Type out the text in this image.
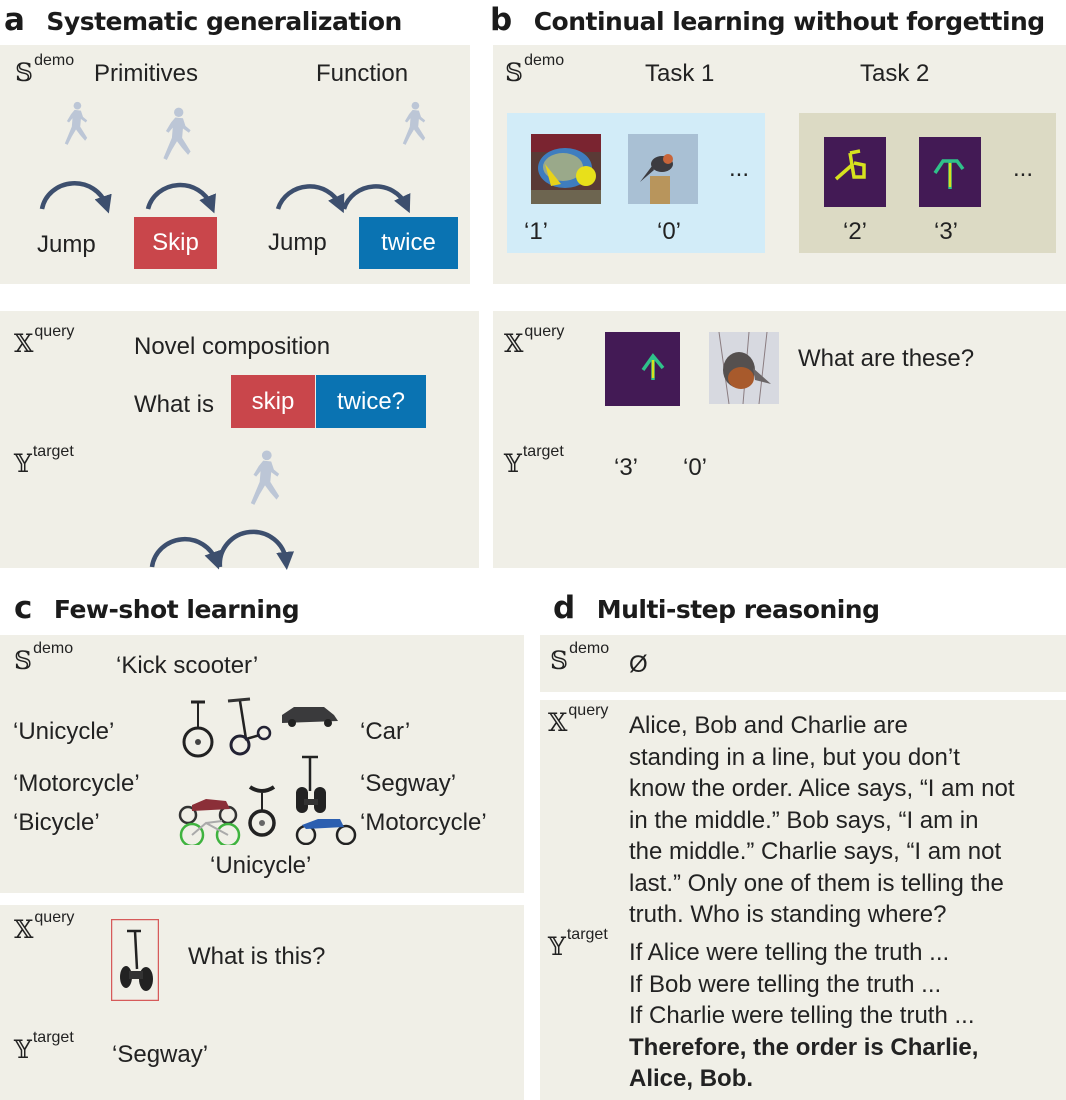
a Systematic generalization
𝕊$^{demo}$ Primitives	Function
Jump	Skip	Jump	twice
𝕏$^{query}$
Novel composition
What is	skip	twice?
𝕐$^{target}$
b Continual learning without forgetting
𝕊$^{demo}$	Task 1	Task 2
...
‘1’	‘0’
...
‘2’	‘3’
𝕏$^{query}$
What are these?
𝕐$^{target}$
‘3’ ‘0’
c Few-shot learning
𝕊$^{demo}$
‘Kick scooter’
‘Unicycle’
‘Motorcycle’
‘Bicycle’
‘Car’
‘Segway’
‘Motorcycle’
‘Unicycle’
𝕏$^{query}$
What is this?
𝕐$^{target}$
‘Segway’
d Multi-step reasoning
𝕊$^{demo}$
Ø
𝕏$^{query}$
Alice, Bob and Charlie are
standing in a line, but you don’t
know the order. Alice says, “I am not
in the middle.” Bob says, “I am in
the middle.” Charlie says, “I am not
last.” Only one of them is telling the
truth. Who is standing where?
𝕐$^{target}$
If Alice were telling the truth ...
If Bob were telling the truth ...
If Charlie were telling the truth ...
Therefore, the order is Charlie,
Alice, Bob.
